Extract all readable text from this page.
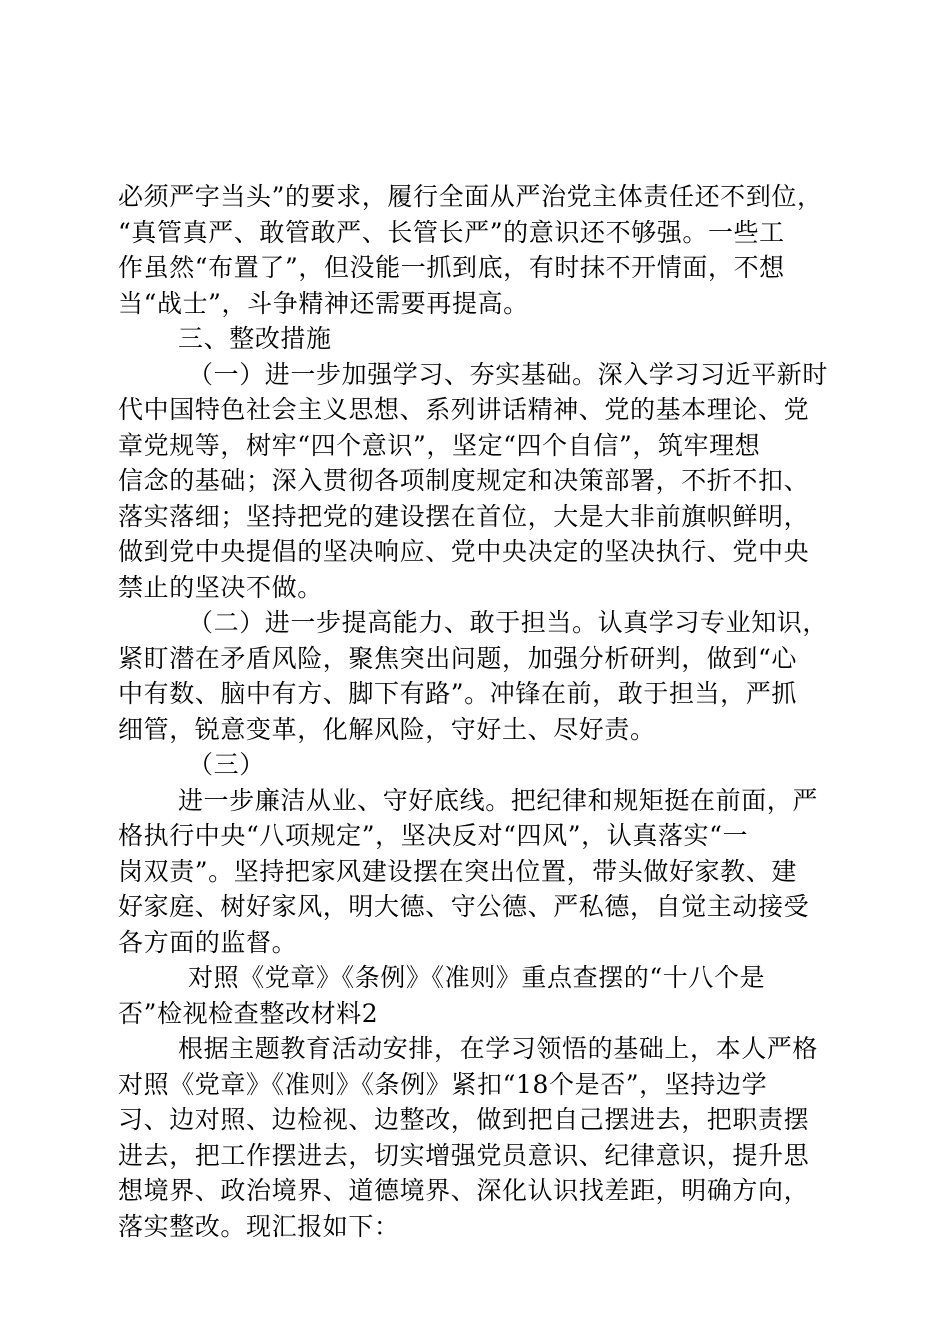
必须严字当头”的要求，履行全面从严治党主体责任还不到位，
“真管真严、敢管敢严、长管长严”的意识还不够强。一些工
作虽然“布置了”，但没能一抓到底，有时抹不开情面，不想
当“战士”，斗争精神还需要再提高。
三、整改措施
（一）进一步加强学习、夯实基础。深入学习习近平新时
代中国特色社会主义思想、系列讲话精神、党的基本理论、党
章党规等，树牢“四个意识”，坚定“四个自信”，筑牢理想
信念的基础；深入贯彻各项制度规定和决策部署，不折不扣、
落实落细；坚持把党的建设摆在首位，大是大非前旗帜鲜明，
做到党中央提倡的坚决响应、党中央决定的坚决执行、党中央
禁止的坚决不做。
（二）进一步提高能力、敢于担当。认真学习专业知识，
紧盯潜在矛盾风险，聚焦突出问题，加强分析研判，做到“心
中有数、脑中有方、脚下有路”。冲锋在前，敢于担当，严抓
细管，锐意变革，化解风险，守好土、尽好责。
（三）
进一步廉洁从业、守好底线。把纪律和规矩挺在前面，严
格执行中央“八项规定”，坚决反对“四风”，认真落实“一
岗双责”。坚持把家风建设摆在突出位置，带头做好家教、建
好家庭、树好家风，明大德、守公德、严私德，自觉主动接受
各方面的监督。
对照《党章》《条例》《准则》重点查摆的“十八个是
否”检视检查整改材料2
根据主题教育活动安排，在学习领悟的基础上，本人严格
对照《党章》《准则》《条例》紧扣“18个是否”，坚持边学
习、边对照、边检视、边整改，做到把自己摆进去，把职责摆
进去，把工作摆进去，切实增强党员意识、纪律意识，提升思
想境界、政治境界、道德境界、深化认识找差距，明确方向，
落实整改。现汇报如下：
